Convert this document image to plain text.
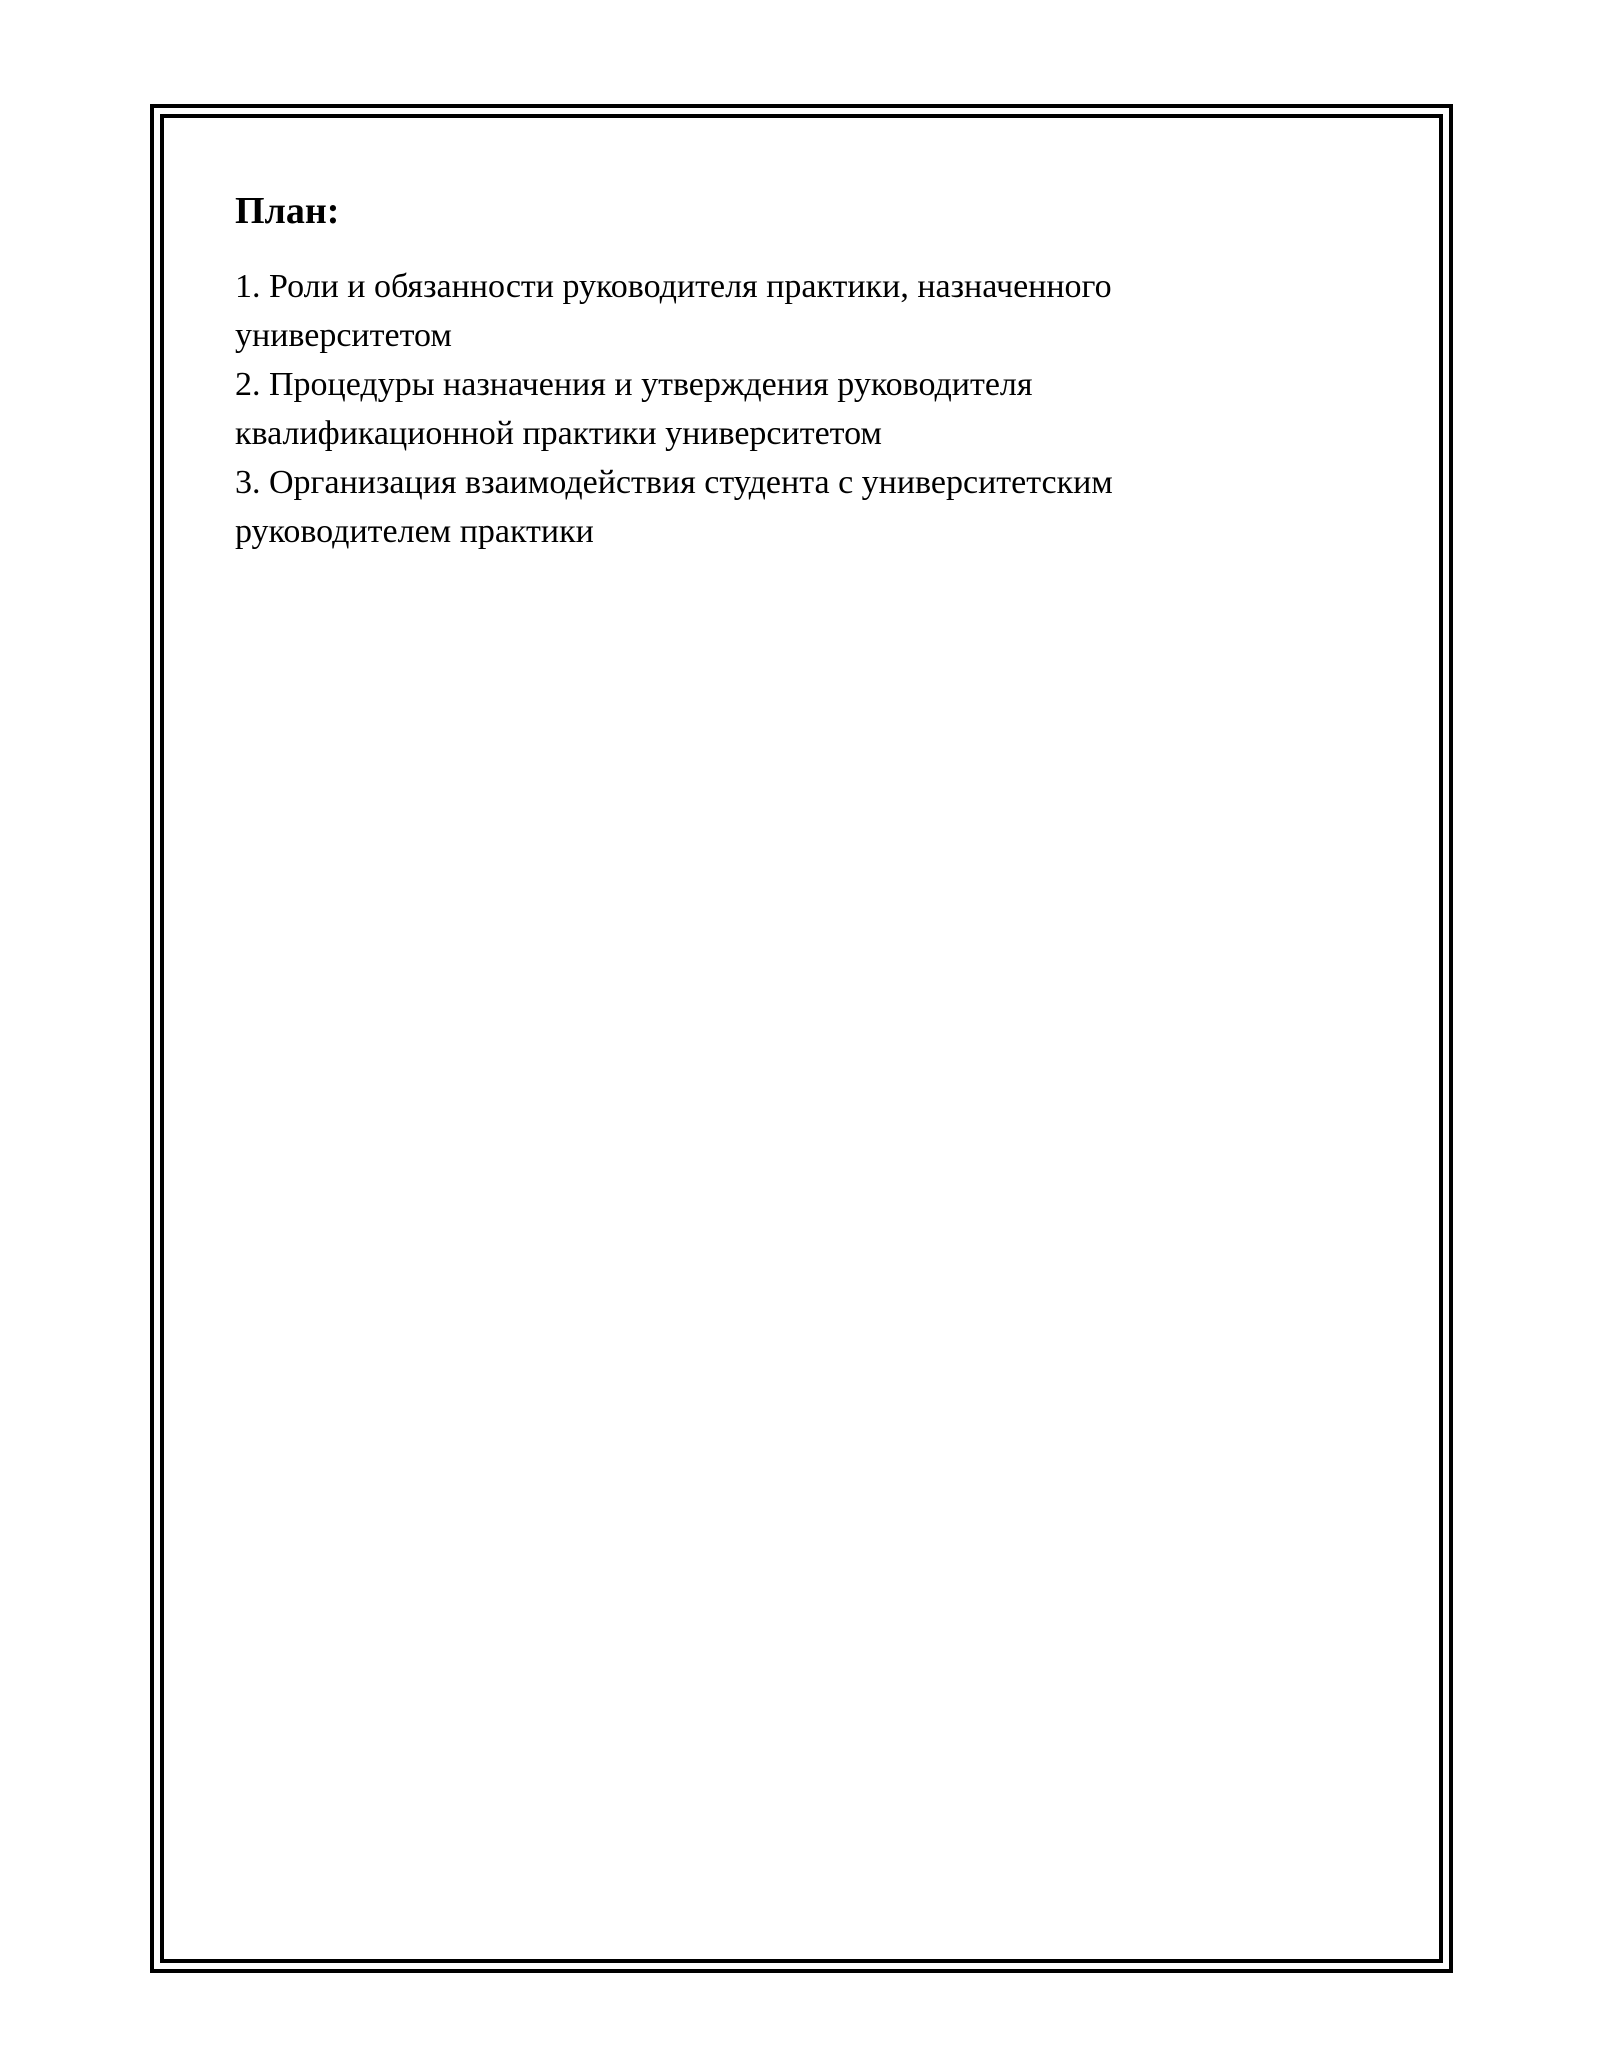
План:
1. Роли и обязанности руководителя практики, назначенного университетом
2. Процедуры назначения и утверждения руководителя квалификационной практики университетом
3. Организация взаимодействия студента с университетским руководителем практики
